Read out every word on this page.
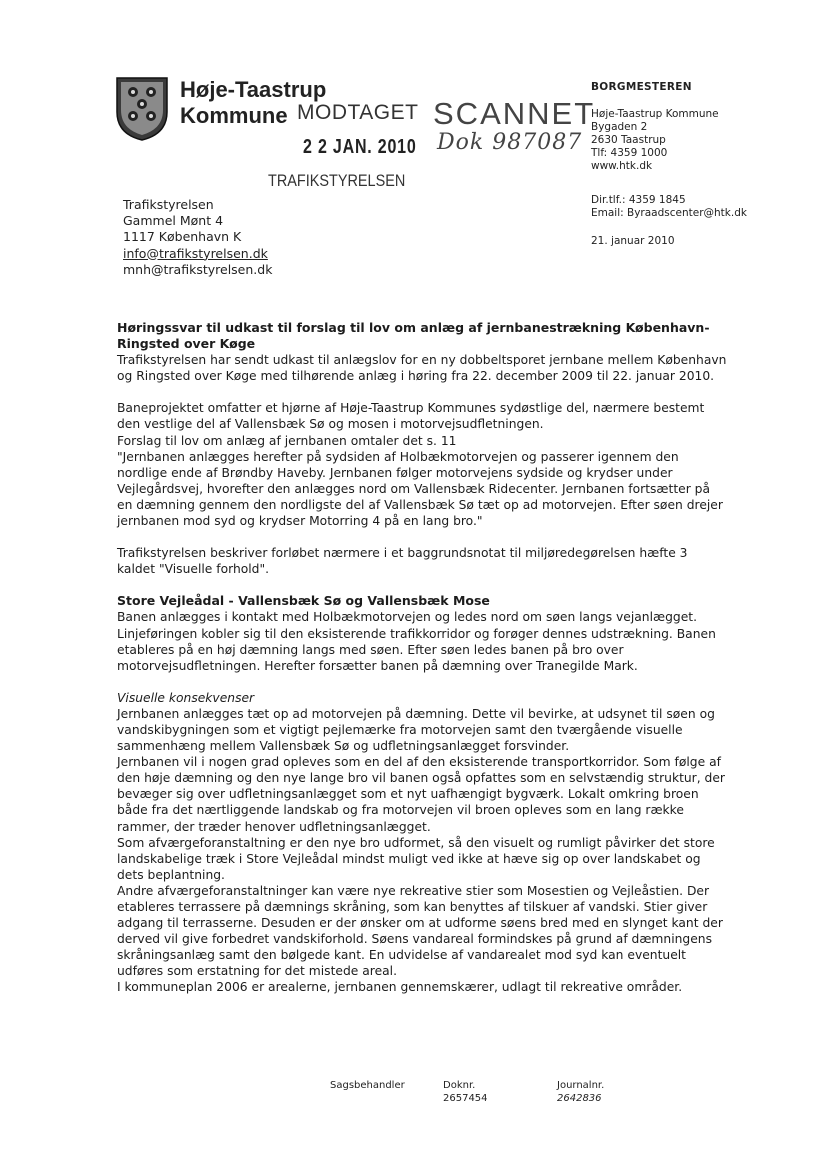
Høje-Taastrup
Kommune MODTAGET
2 2 JAN. 2010
TRAFIKSTYRELSEN
SCANNET
Dok 987087
BORGMESTEREN
Høje-Taastrup Kommune
Bygaden 2
2630 Taastrup
Tlf: 4359 1000
www.htk.dk
Dir.tlf.: 4359 1845
Email: Byraadscenter@htk.dk
21. januar 2010
Trafikstyrelsen
Gammel Mønt 4
1117 København K
info@trafikstyrelsen.dk
mnh@trafikstyrelsen.dk
Høringssvar til udkast til forslag til lov om anlæg af jernbanestrækning København-Ringsted over Køge

Trafikstyrelsen har sendt udkast til anlægslov for en ny dobbeltsporet jernbane mellem København og Ringsted over Køge med tilhørende anlæg i høring fra 22. december 2009 til 22. januar 2010.

Baneprojektet omfatter et hjørne af Høje-Taastrup Kommunes sydøstlige del, nærmere bestemt den vestlige del af Vallensbæk Sø og mosen i motorvejsudfletningen.

Forslag til lov om anlæg af jernbanen omtaler det s. 11

"Jernbanen anlægges herefter på sydsiden af Holbækmotorvejen og passerer igennem den nordlige ende af Brøndby Haveby. Jernbanen følger motorvejens sydside og krydser under Vejlegårdsvej, hvorefter den anlægges nord om Vallensbæk Ridecenter. Jernbanen fortsætter på en dæmning gennem den nordligste del af Vallensbæk Sø tæt op ad motorvejen. Efter søen drejer jernbanen mod syd og krydser Motorring 4 på en lang bro."

Trafikstyrelsen beskriver forløbet nærmere i et baggrundsnotat til miljøredegørelsen hæfte 3 kaldet "Visuelle forhold".

Store Vejleådal - Vallensbæk Sø og Vallensbæk Mose

Banen anlægges i kontakt med Holbækmotorvejen og ledes nord om søen langs vejanlægget. Linjeføringen kobler sig til den eksisterende trafikkorridor og forøger dennes udstrækning. Banen etableres på en høj dæmning langs med søen. Efter søen ledes banen på bro over motorvejsudfletningen. Herefter forsætter banen på dæmning over Tranegilde Mark.

Visuelle konsekvenser

Jernbanen anlægges tæt op ad motorvejen på dæmning. Dette vil bevirke, at udsynet til søen og vandskibygningen som et vigtigt pejlemærke fra motorvejen samt den tværgående visuelle sammenhæng mellem Vallensbæk Sø og udfletningsanlægget forsvinder.

Jernbanen vil i nogen grad opleves som en del af den eksisterende transportkorridor. Som følge af den høje dæmning og den nye lange bro vil banen også opfattes som en selvstændig struktur, der bevæger sig over udfletningsanlægget som et nyt uafhængigt bygværk. Lokalt omkring broen både fra det nærtliggende landskab og fra motorvejen vil broen opleves som en lang række rammer, der træder henover udfletningsanlægget.

Som afværgeforanstaltning er den nye bro udformet, så den visuelt og rumligt påvirker det store landskabelige træk i Store Vejleådal mindst muligt ved ikke at hæve sig op over landskabet og dets beplantning.

Andre afværgeforanstaltninger kan være nye rekreative stier som Mosestien og Vejleåstien. Der etableres terrassere på dæmnings skråning, som kan benyttes af tilskuer af vandski. Stier giver adgang til terrasserne. Desuden er der ønsker om at udforme søens bred med en slynget kant der derved vil give forbedret vandskiforhold. Søens vandareal formindskes på grund af dæmningens skråningsanlæg samt den bølgede kant. En udvidelse af vandarealet mod syd kan eventuelt udføres som erstatning for det mistede areal.

I kommuneplan 2006 er arealerne, jernbanen gennemskærer, udlagt til rekreative områder.

Sagsbehandler	Doknr.
2657454
Journalnr.
2642836
